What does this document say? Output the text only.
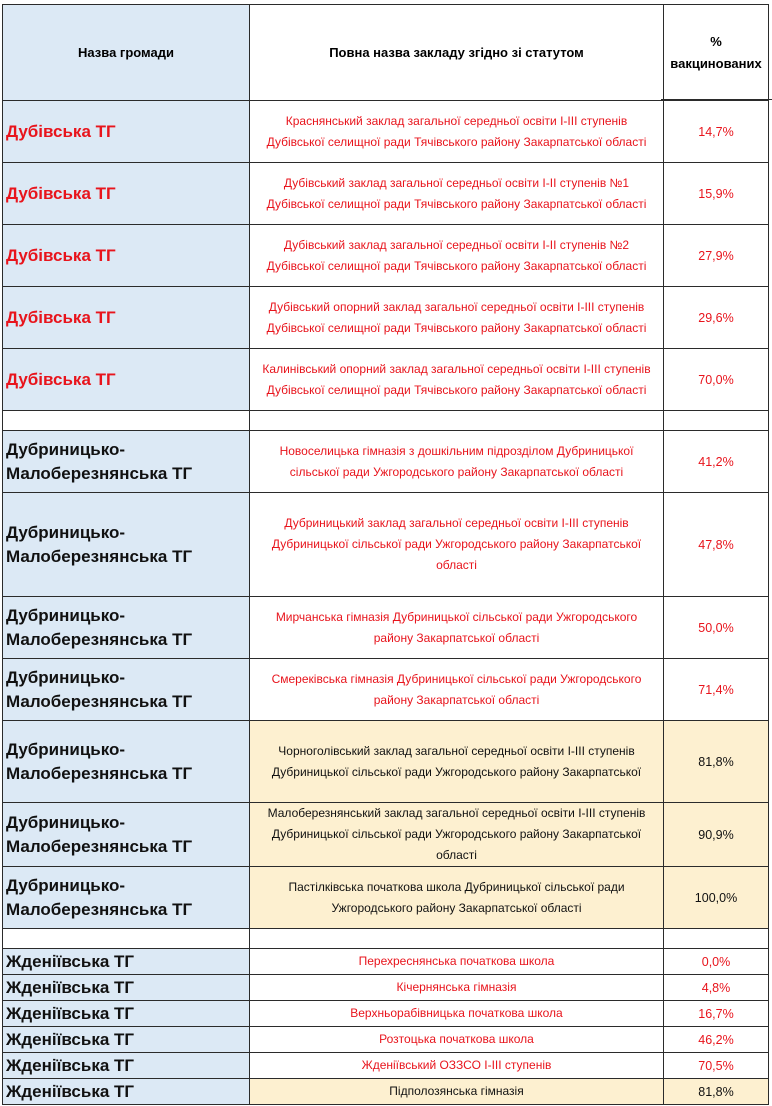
Назва громади	Повна назва закладу згідно зі статутом	%
вакцинованих

Дубівська ТГ	Краснянський заклад загальної середньої освіти І-ІІІ ступенів Дубівської селищної ради Тячівського району Закарпатської області	14,7%
Дубівська ТГ	Дубівський заклад загальної середньої освіти І-ІІ ступенів №1 Дубівської селищної ради Тячівського району Закарпатської області	15,9%
Дубівська ТГ	Дубівський заклад загальної середньої освіти І-ІІ ступенів №2 Дубівської селищної ради Тячівського району Закарпатської області	27,9%
Дубівська ТГ	Дубівський опорний заклад загальної середньої освіти І-ІІІ ступенів Дубівської селищної ради Тячівського району Закарпатської області	29,6%
Дубівська ТГ	Калинівський опорний заклад загальної середньої освіти І-ІІІ ступенів Дубівської селищної ради Тячівського району Закарпатської області	70,0%

Дубриницько-Малоберезнянська ТГ	Новоселицька гімназія з дошкільним підрозділом Дубриницької сільської ради Ужгородського району Закарпатської області	41,2%
Дубриницько-Малоберезнянська ТГ	Дубриницький заклад загальної середньої освіти І-ІІІ ступенів Дубриницької сільської ради Ужгородського району Закарпатської області	47,8%
Дубриницько-Малоберезнянська ТГ	Мирчанська гімназія Дубриницької сільської ради Ужгородського району Закарпатської області	50,0%
Дубриницько-Малоберезнянська ТГ	Смереківська гімназія Дубриницької сільської ради Ужгородського району Закарпатської області	71,4%
Дубриницько-Малоберезнянська ТГ	Чорноголівський заклад загальної середньої освіти І-ІІІ ступенів Дубриницької сільської ради Ужгородського району Закарпатської	81,8%
Дубриницько-Малоберезнянська ТГ	Малоберезнянський заклад загальної середньої освіти І-ІІІ ступенів Дубриницької сільської ради Ужгородського району Закарпатської області	90,9%
Дубриницько-Малоберезнянська ТГ	Пастілківська початкова школа Дубриницької сільської ради Ужгородського району Закарпатської області	100,0%

Жденіївська ТГ	Перехреснянська початкова школа	0,0%
Жденіївська ТГ	Кічернянська гімназія	4,8%
Жденіївська ТГ	Верхньорабівницька початкова школа	16,7%
Жденіївська ТГ	Розтоцька початкова школа	46,2%
Жденіївська ТГ	Жденіївський ОЗЗСО І-ІІІ ступенів	70,5%
Жденіївська ТГ	Підполозянська гімназія	81,8%
